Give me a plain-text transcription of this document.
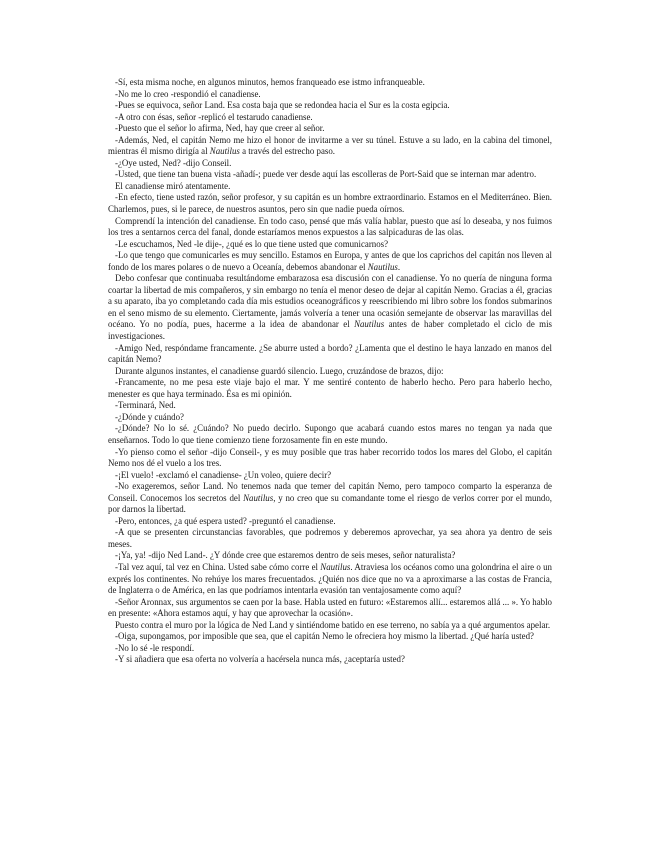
-Sí, esta misma noche, en algunos minutos, hemos franqueado ese istmo infranqueable.

-No me lo creo -respondió el canadiense.

-Pues se equivoca, señor Land. Esa costa baja que se redondea hacia el Sur es la costa egipcia.

-A otro con ésas, señor -replicó el testarudo canadiense.

-Puesto que el señor lo afirma, Ned, hay que creer al señor.

-Además, Ned, el capitán Nemo me hizo el honor de invitarme a ver su túnel. Estuve a su lado, en la cabina del timonel, mientras él mismo dirigía al Nautilus a través del estrecho paso.

-¿Oye usted, Ned? -dijo Conseil.

-Usted, que tiene tan buena vista -añadí-; puede ver desde aquí las escolleras de Port-Said que se internan mar adentro.

El canadiense miró atentamente.

-En efecto, tiene usted razón, señor profesor, y su capitán es un hombre extraordinario. Estamos en el Mediterráneo. Bien. Charlemos, pues, si le parece, de nuestros asuntos, pero sin que nadie pueda oírnos.

Comprendí la intención del canadiense. En todo caso, pensé que más valía hablar, puesto que así lo deseaba, y nos fuimos los tres a sentarnos cerca del fanal, donde estaríamos menos expuestos a las salpicaduras de las olas.

-Le escuchamos, Ned -le dije-, ¿qué es lo que tiene usted que comunicarnos?

-Lo que tengo que comunicarles es muy sencillo. Estamos en Europa, y antes de que los caprichos del capitán nos lleven al fondo de los mares polares o de nuevo a Oceanía, debemos abandonar el Nautilus.

Debo confesar que continuaba resultándome embarazosa esa discusión con el canadiense. Yo no quería de ninguna forma coartar la libertad de mis compañeros, y sin embargo no tenía el menor deseo de dejar al capitán Nemo. Gracias a él, gracias a su aparato, iba yo completando cada día mis estudios oceanográficos y reescribiendo mi libro sobre los fondos submarinos en el seno mismo de su elemento. Ciertamente, jamás volvería a tener una ocasión semejante de observar las maravillas del océano. Yo no podía, pues, hacerme a la idea de abandonar el Nautilus antes de haber completado el ciclo de mis investigaciones.

-Amigo Ned, respóndame francamente. ¿Se aburre usted a bordo? ¿Lamenta que el destino le haya lanzado en manos del capitán Nemo?

Durante algunos instantes, el canadiense guardó silencio. Luego, cruzándose de brazos, dijo:

-Francamente, no me pesa este viaje bajo el mar. Y me sentiré contento de haberlo hecho. Pero para haberlo hecho, menester es que haya terminado. Ésa es mi opinión.

-Terminará, Ned.

-¿Dónde y cuándo?

-¿Dónde? No lo sé. ¿Cuándo? No puedo decirlo. Supongo que acabará cuando estos mares no tengan ya nada que enseñarnos. Todo lo que tiene comienzo tiene forzosamente fin en este mundo.

-Yo pienso como el señor -dijo Conseil-, y es muy posible que tras haber recorrido todos los mares del Globo, el capitán Nemo nos dé el vuelo a los tres.

-¡El vuelo! -exclamó el canadiense- ¿Un voleo, quiere decir?

-No exageremos, señor Land. No tenemos nada que temer del capitán Nemo, pero tampoco comparto la esperanza de Conseil. Conocemos los secretos del Nautilus, y no creo que su comandante tome el riesgo de verlos correr por el mundo, por darnos la libertad.

-Pero, entonces, ¿a qué espera usted? -preguntó el canadiense.

-A que se presenten circunstancias favorables, que podremos y deberemos aprovechar, ya sea ahora ya dentro de seis meses.

-¡Ya, ya! -dijo Ned Land-. ¿Y dónde cree que estaremos dentro de seis meses, señor naturalista?

-Tal vez aquí, tal vez en China. Usted sabe cómo corre el Nautilus. Atraviesa los océanos como una golondrina el aire o un exprés los continentes. No rehúye los mares frecuentados. ¿Quién nos dice que no va a aproximarse a las costas de Francia, de Inglaterra o de América, en las que podríamos intentarla evasión tan ventajosamente como aquí?

-Señor Aronnax, sus argumentos se caen por la base. Habla usted en futuro: «Estaremos allí... estaremos allá ... ». Yo hablo en presente: «Ahora estamos aquí, y hay que aprovechar la ocasión».

Puesto contra el muro por la lógica de Ned Land y sintiéndome batido en ese terreno, no sabía ya a qué argumentos apelar.

-Oiga, supongamos, por imposible que sea, que el capitán Nemo le ofreciera hoy mismo la libertad. ¿Qué haría usted?

-No lo sé -le respondí.

-Y si añadiera que esa oferta no volvería a hacérsela nunca más, ¿aceptaría usted?
